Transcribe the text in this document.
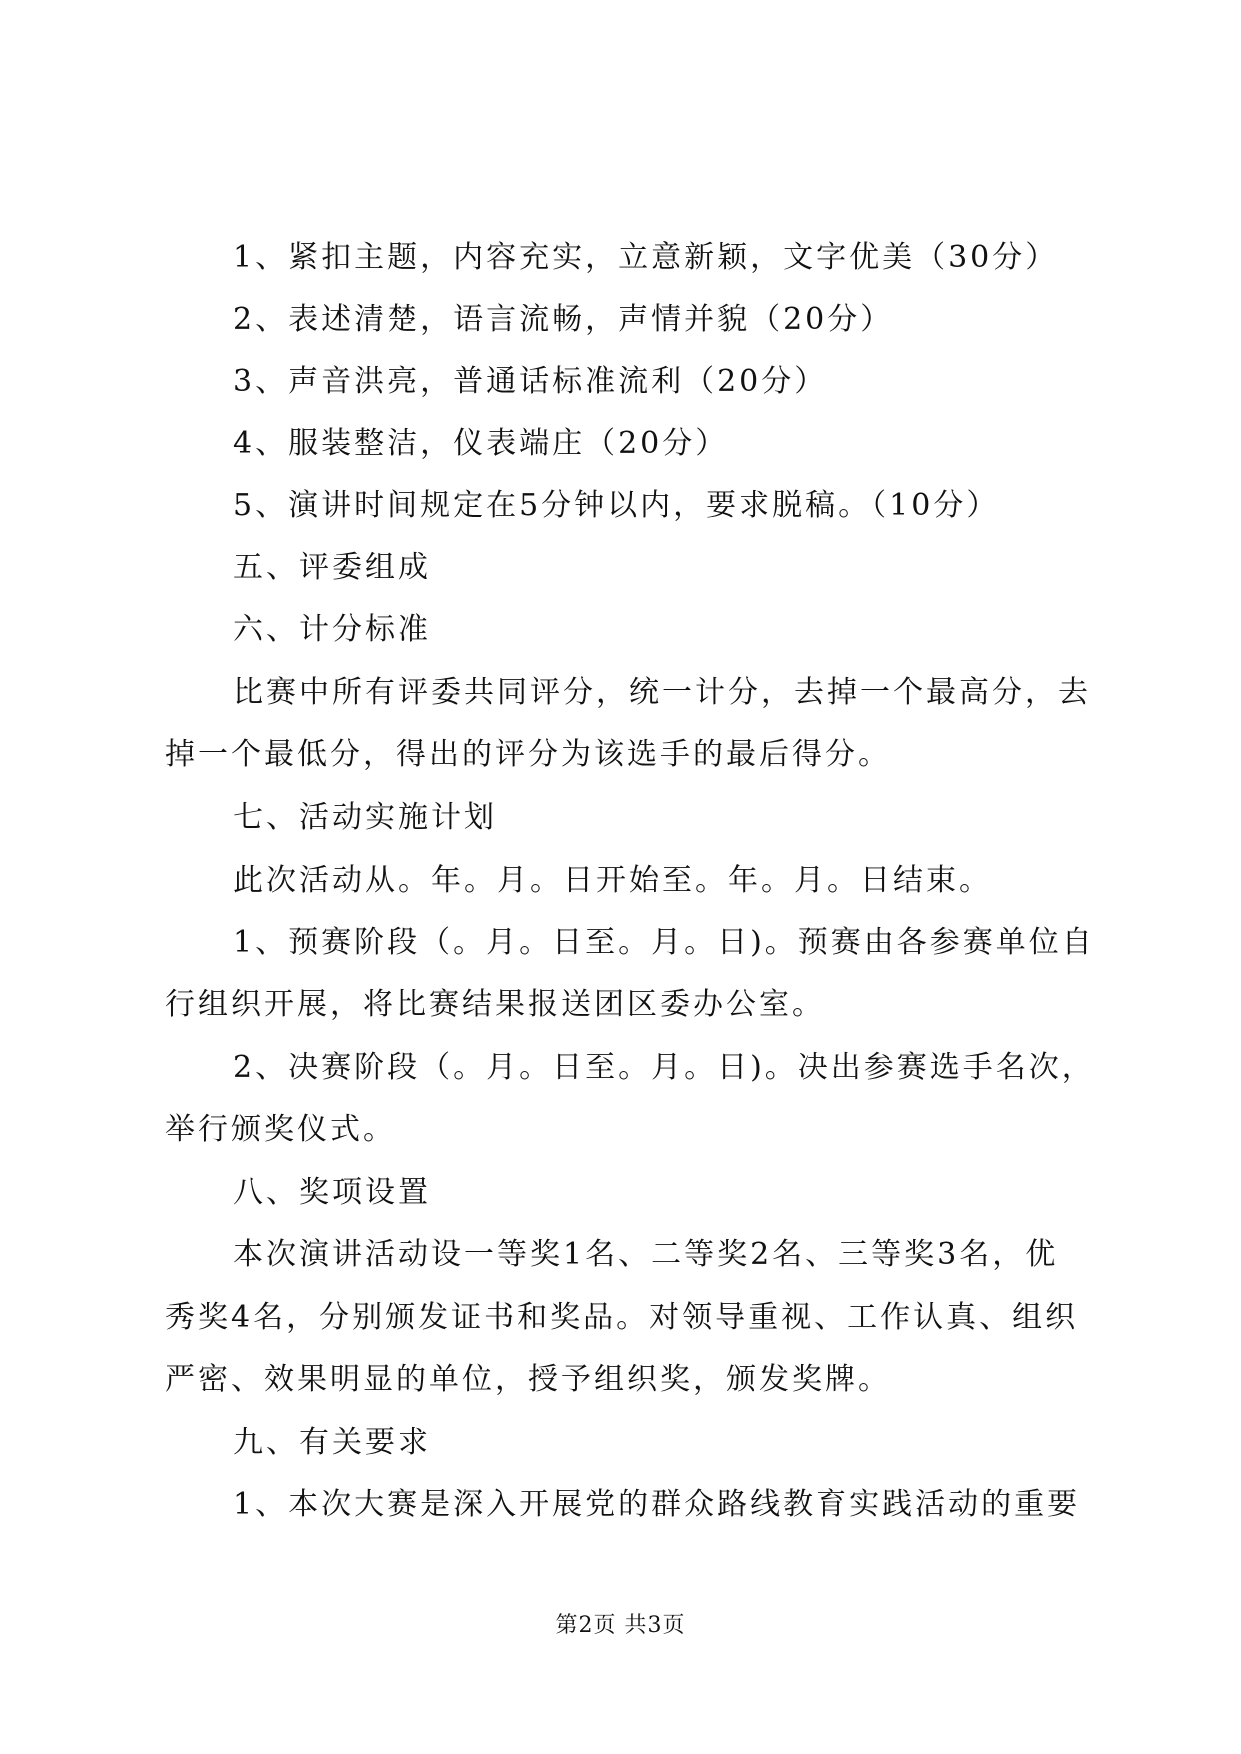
1、紧扣主题，内容充实，立意新颖，文字优美（30分）
2、表述清楚，语言流畅，声情并貌（20分）
3、声音洪亮，普通话标准流利（20分）
4、服装整洁，仪表端庄（20分）
5、演讲时间规定在5分钟以内，要求脱稿。（10分）
五、评委组成
六、计分标准
比赛中所有评委共同评分，统一计分，去掉一个最高分，去
掉一个最低分，得出的评分为该选手的最后得分。
七、活动实施计划
此次活动从。年。月。日开始至。年。月。日结束。
1、预赛阶段（。月。日至。月。日)。预赛由各参赛单位自
行组织开展，将比赛结果报送团区委办公室。
2、决赛阶段（。月。日至。月。日)。决出参赛选手名次，
举行颁奖仪式。
八、奖项设置
本次演讲活动设一等奖1名、二等奖2名、三等奖3名，优
秀奖4名，分别颁发证书和奖品。对领导重视、工作认真、组织
严密、效果明显的单位，授予组织奖，颁发奖牌。
九、有关要求
1、本次大赛是深入开展党的群众路线教育实践活动的重要
第2页 共3页
